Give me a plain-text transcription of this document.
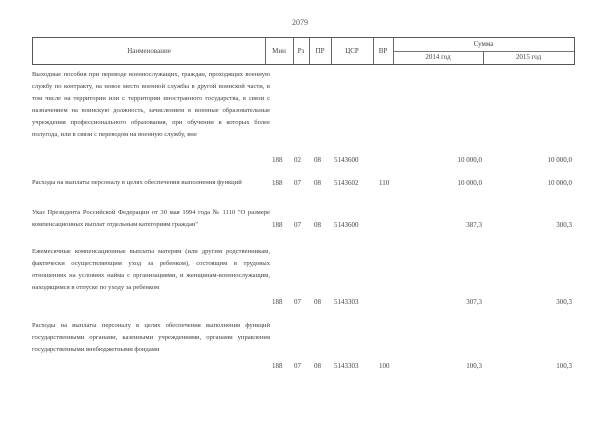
2079
Наименование	Мин	Рз	ПР	ЦСР	ВР
Сумма
2014 год	2015 год
Выходные пособия при переводе военнослужащих, граждан, проходящих военную службу по контракту, на новое место военной службы в другой воинской части, в том числе на территории или с территории иностранного государства, в связи с назначением на воинскую должность, зачислением в военные образовательные учреждения профессионального образования, при обучении в которых более полугода, или в связи с переводом на военную службу, вне
188 02 08 5143600	10 000,0	10 000,0
Расходы на выплаты персоналу в целях обеспечения выполнения функций	188 07 08 5143602	110	10 000,0	10 000,0
Указ Президента Российской Федерации от 30 мая 1994 года № 1110 "О размере компенсационных выплат отдельным категориям граждан"	188 07 08 5143600	387,3	300,3
Ежемесячные компенсационные выплаты матерям (или другим родственникам, фактически осуществляющим уход за ребенком), состоящим в трудовых отношениях на условиях найма с организациями, и женщинам-военнослужащим, находящимся в отпуске по уходу за ребенком
188 07 08 5143303	307,3	300,3
Расходы на выплаты персоналу в целях обеспечения выполнения функций государственными органами, казенными учреждениями, органами управления государственными внебюджетными фондами
188 07 08 5143303	100	100,3	100,3
